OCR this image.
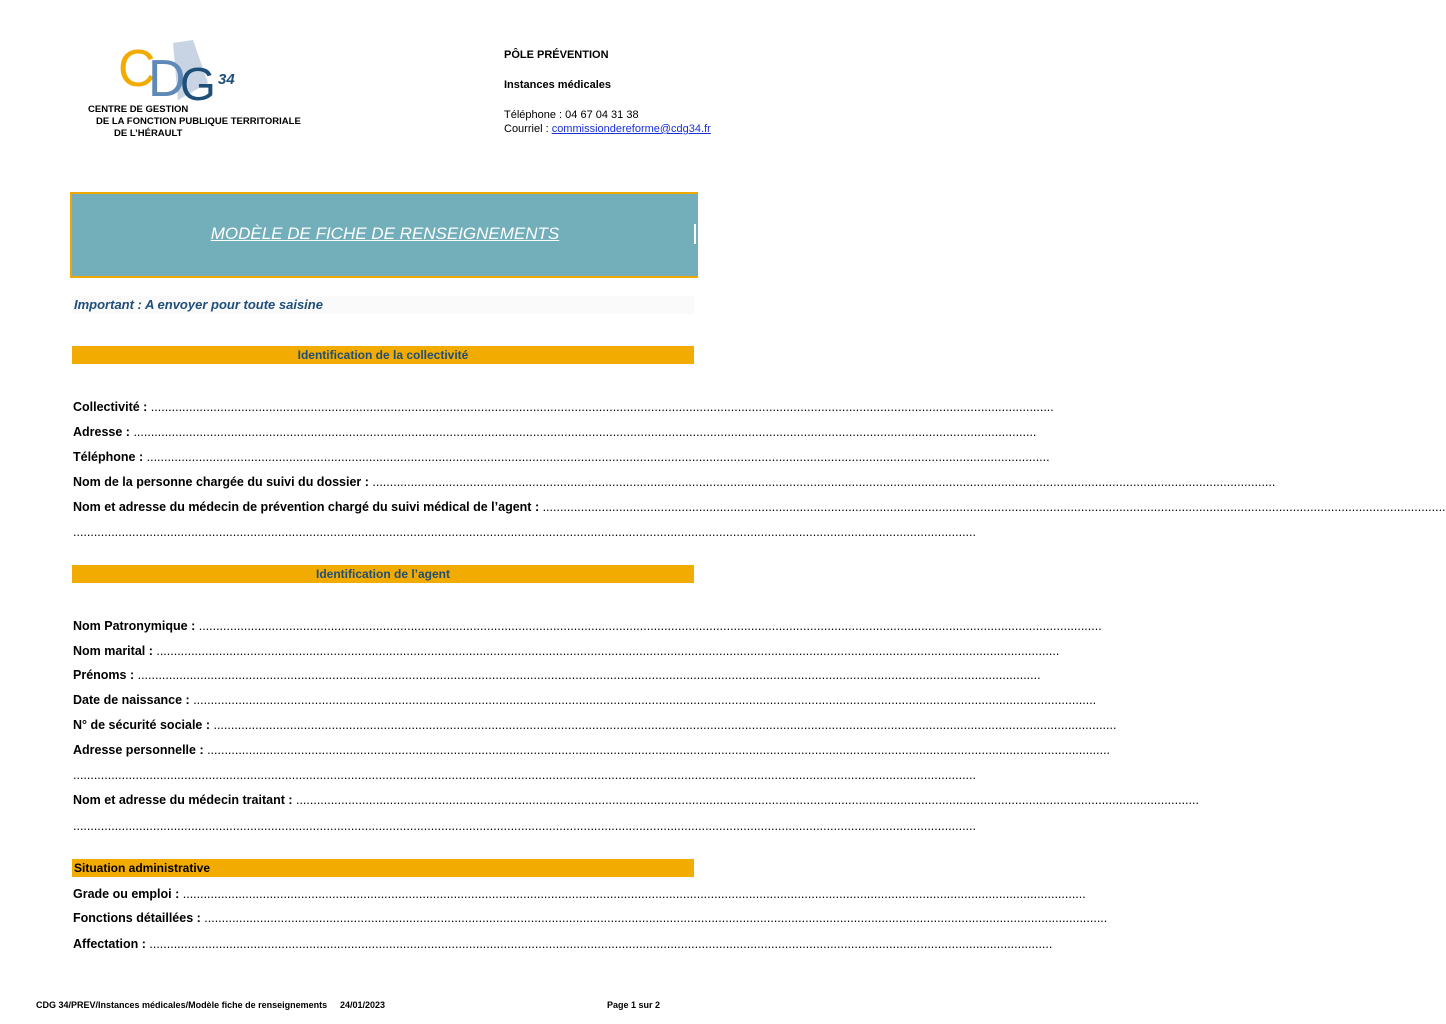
C
D
G 34
CENTRE DE GESTION
DE LA FONCTION PUBLIQUE TERRITORIALE
DE L’HÉRAULT
PÔLE PRÉVENTION
Instances médicales
Téléphone : 04 67 04 31 38
Courriel : commissiondereforme@cdg34.fr
MODÈLE DE FICHE DE RENSEIGNEMENTS
Important : A envoyer pour toute saisine
Identification de la collectivité
Collectivité : ....................................................................................................................................................................................................................................................................
Adresse : ....................................................................................................................................................................................................................................................................
Téléphone : ....................................................................................................................................................................................................................................................................
Nom de la personne chargée du suivi du dossier : ....................................................................................................................................................................................................................................................................
Nom et adresse du médecin de prévention chargé du suivi médical de l’agent : ....................................................................................................................................................................................................................................................................
....................................................................................................................................................................................................................................................................
Identification de l’agent
Nom Patronymique : ....................................................................................................................................................................................................................................................................
Nom marital : ....................................................................................................................................................................................................................................................................
Prénoms : ....................................................................................................................................................................................................................................................................
Date de naissance : ....................................................................................................................................................................................................................................................................
N° de sécurité sociale : ....................................................................................................................................................................................................................................................................
Adresse personnelle : ....................................................................................................................................................................................................................................................................
....................................................................................................................................................................................................................................................................
Nom et adresse du médecin traitant : ....................................................................................................................................................................................................................................................................
....................................................................................................................................................................................................................................................................
Situation administrative
Grade ou emploi : ....................................................................................................................................................................................................................................................................
Fonctions détaillées : ....................................................................................................................................................................................................................................................................
Affectation : ....................................................................................................................................................................................................................................................................
CDG 34/PREV/Instances médicales/Modèle fiche de renseignements 24/01/2023	Page 1 sur 2
